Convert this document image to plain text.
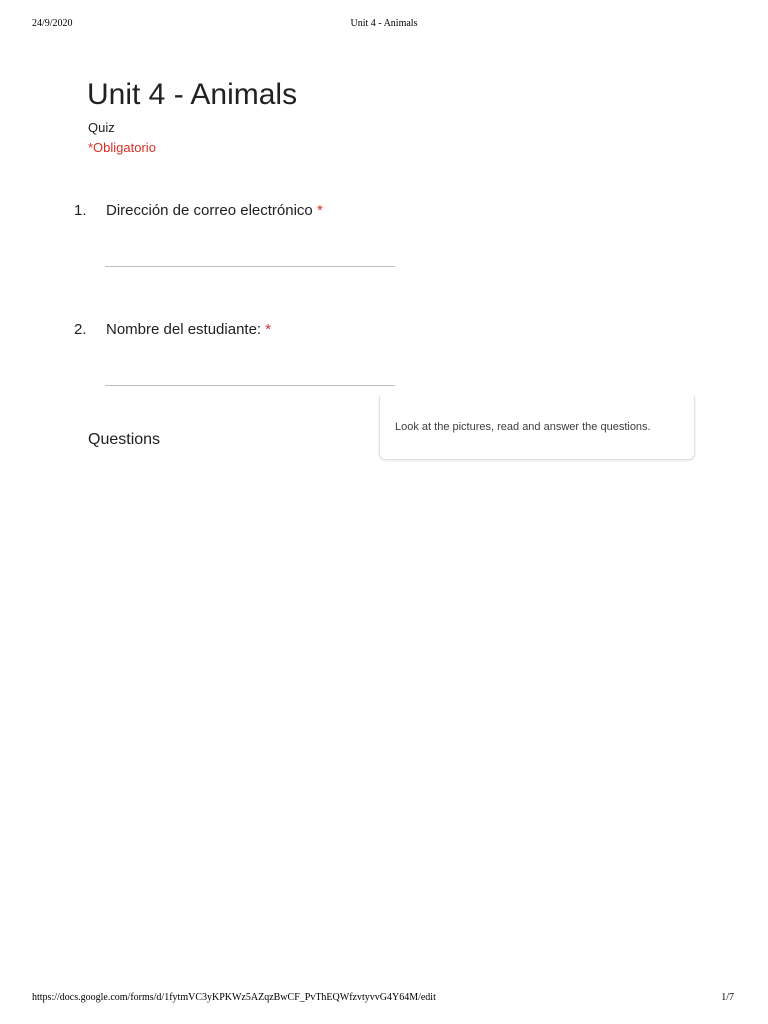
24/9/2020	Unit 4 - Animals
Unit 4 - Animals
Quiz
*Obligatorio
1. Dirección de correo electrónico *
2. Nombre del estudiante: *
Questions
Look at the pictures, read and answer the questions.
https://docs.google.com/forms/d/1fytmVC3yKPKWz5AZqzBwCF_PvThEQWfzvtyvvG4Y64M/edit	1/7
